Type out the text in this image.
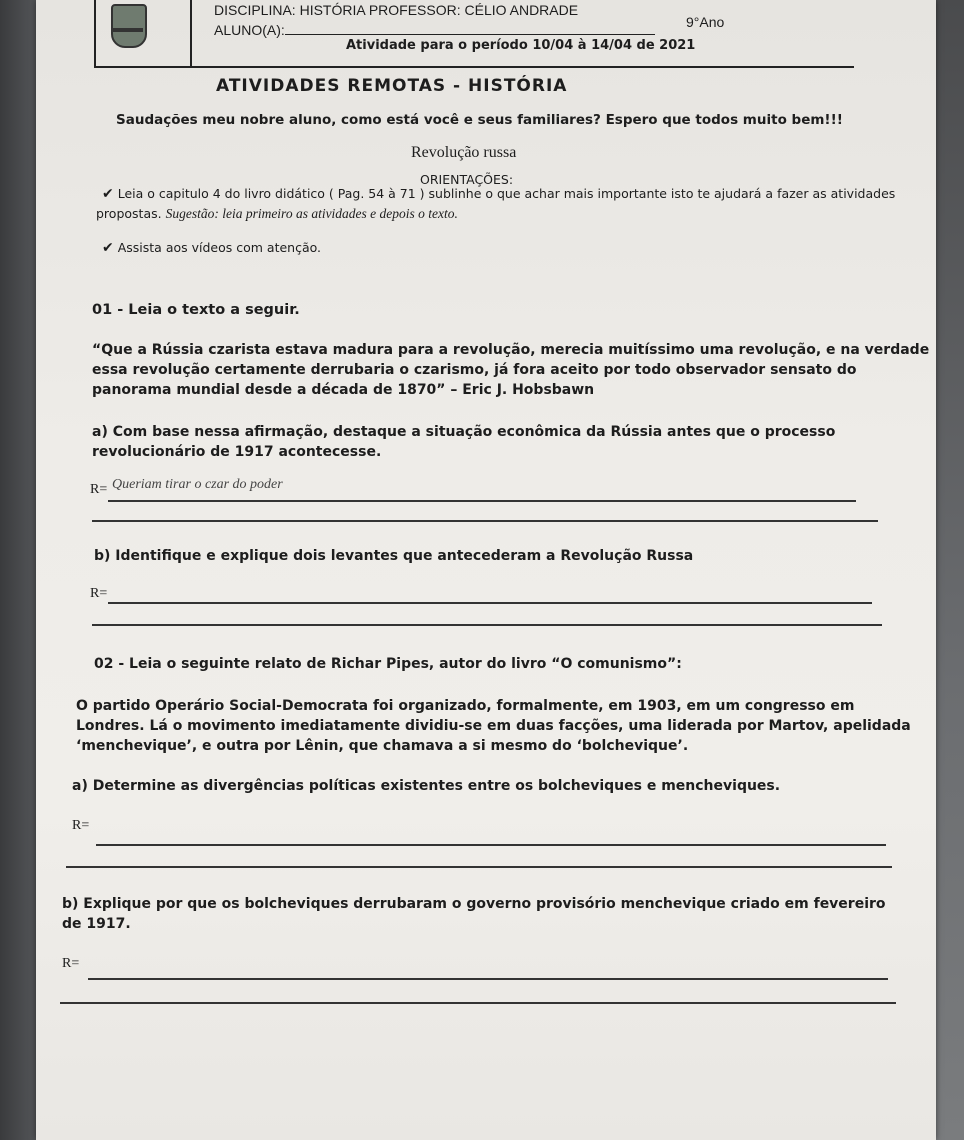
DISCIPLINA: HISTÓRIA PROFESSOR: CÉLIO ANDRADE
ALUNO(A):	9°Ano
Atividade para o período 10/04 à 14/04 de 2021
ATIVIDADES REMOTAS - HISTÓRIA
Saudações meu nobre aluno, como está você e seus familiares? Espero que todos muito bem!!!
Revolução russa
ORIENTAÇÕES:
✔ Leia o capitulo 4 do livro didático ( Pag. 54 à 71 ) sublinhe o que achar mais importante isto te ajudará a fazer as atividades
propostas. Sugestão: leia primeiro as atividades e depois o texto.
✔ Assista aos vídeos com atenção.
01 - Leia o texto a seguir.
“Que a Rússia czarista estava madura para a revolução, merecia muitíssimo uma revolução, e na verdade
essa revolução certamente derrubaria o czarismo, já fora aceito por todo observador sensato do
panorama mundial desde a década de 1870” – Eric J. Hobsbawn
a) Com base nessa afirmação, destaque a situação econômica da Rússia antes que o processo
revolucionário de 1917 acontecesse.
R= Queriam tirar o czar do poder
b) Identifique e explique dois levantes que antecederam a Revolução Russa
R=
02 - Leia o seguinte relato de Richar Pipes, autor do livro “O comunismo”:
O partido Operário Social-Democrata foi organizado, formalmente, em 1903, em um congresso em
Londres. Lá o movimento imediatamente dividiu-se em duas facções, uma liderada por Martov, apelidada
‘menchevique’, e outra por Lênin, que chamava a si mesmo do ‘bolchevique’.
a) Determine as divergências políticas existentes entre os bolcheviques e mencheviques.
R=
b) Explique por que os bolcheviques derrubaram o governo provisório menchevique criado em fevereiro
de 1917.
R=
